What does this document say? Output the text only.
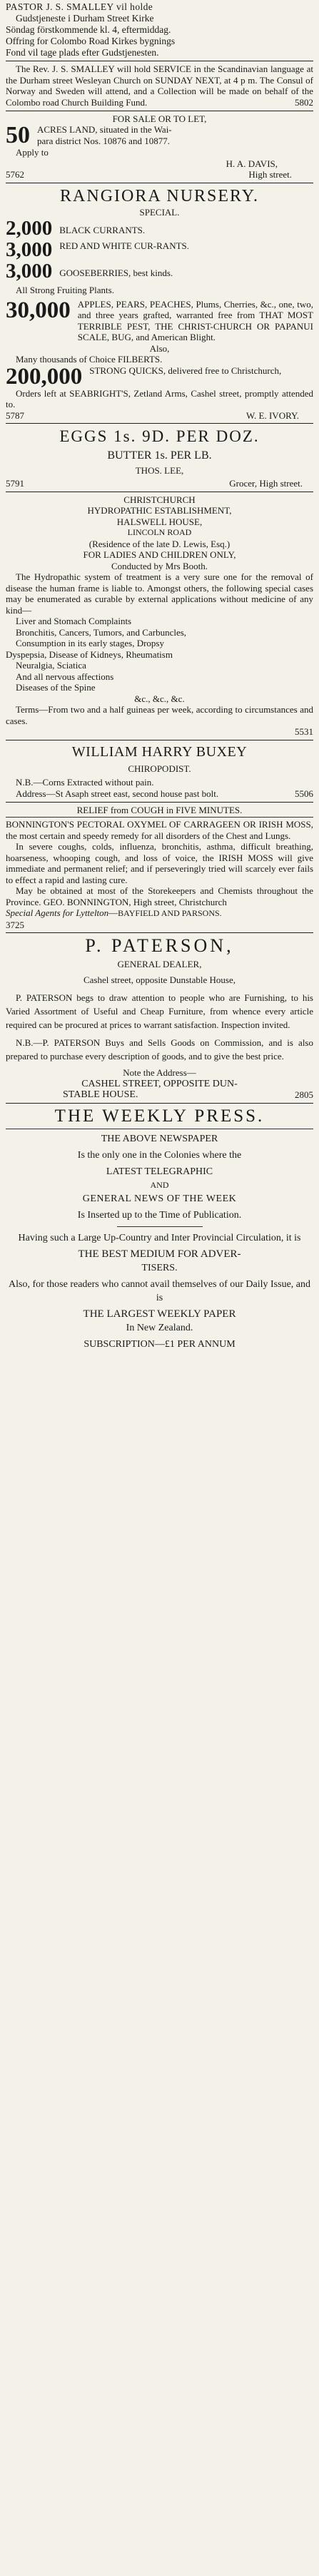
PASTOR J. S. SMALLEY vil holde

Gudstjeneste i Durham Street Kirke

Söndag förstkommende kl. 4, eftermiddag.

Offring for Colombo Road Kirkes bygnings

Fond vil tage plads efter Gudstjenesten.

The Rev. J. S. SMALLEY will hold SERVICE in the Scandinavian language at the Durham street Wesleyan Church on SUNDAY NEXT, at 4 p m. The Consul of Norway and Sweden will attend, and a Collection will be made on behalf of the Colombo road Church Building Fund.	5802

FOR SALE OR TO LET,

50 ACRES LAND, situated in the Wai-

para district Nos. 10876 and 10877.

Apply to

H. A. DAVIS,

5762	High street.

RANGIORA NURSERY.

SPECIAL.

2,000 BLACK CURRANTS.
3,000 RED AND WHITE CUR-RANTS.
3,000 GOOSEBERRIES, best kinds.

All Strong Fruiting Plants.

30,000 APPLES, PEARS, PEACHES, Plums, Cherries, &c., one, two, and three years grafted, warranted free from THAT MOST TERRIBLE PEST, THE CHRIST-CHURCH OR PAPANUI SCALE, BUG, and American Blight.

Also,

Many thousands of Choice FILBERTS.

200,000 STRONG QUICKS, delivered free to Christchurch,

Orders left at SEABRIGHT'S, Zetland Arms, Cashel street, promptly attended to.

5787	W. E. IVORY.

EGGS 1s. 9D. PER DOZ.

BUTTER 1s. PER LB.

THOS. LEE,

5791	Grocer, High street.

CHRISTCHURCH

HYDROPATHIC ESTABLISHMENT,

HALSWELL HOUSE,

LINCOLN ROAD

(Residence of the late D. Lewis, Esq.)

FOR LADIES AND CHILDREN ONLY,

Conducted by Mrs Booth.

The Hydropathic system of treatment is a very sure one for the removal of disease the human frame is liable to. Amongst others, the following special cases may be enumerated as curable by external applications without medicine of any kind—

Liver and Stomach Complaints

Bronchitis, Cancers, Tumors, and Carbuncles,

Consumption in its early stages, Dropsy

Dyspepsia, Disease of Kidneys, Rheumatism

Neuralgia, Sciatica

And all nervous affections

Diseases of the Spine

&c., &c., &c.

Terms—From two and a half guineas per week, according to circumstances and cases.

5531

WILLIAM HARRY BUXEY

CHIROPODIST.

N.B.—Corns Extracted without pain.

Address—St Asaph street east, second house past bolt.	5506

RELIEF from COUGH in FIVE MINUTES.

BONNINGTON'S PECTORAL OXYMEL OF CARRAGEEN OR IRISH MOSS, the most certain and speedy remedy for all disorders of the Chest and Lungs.

In severe coughs, colds, influenza, bronchitis, asthma, difficult breathing, hoarseness, whooping cough, and loss of voice, the IRISH MOSS will give immediate and permanent relief; and if perseveringly tried will scarcely ever fails to effect a rapid and lasting cure.

May be obtained at most of the Storekeepers and Chemists throughout the Province. GEO. BONNINGTON, High street, Christchurch

Special Agents for Lyttelton—BAYFIELD AND PARSONS.

3725

P. PATERSON,

GENERAL DEALER,

Cashel street, opposite Dunstable House,

P. PATERSON begs to draw attention to people who are Furnishing, to his Varied Assortment of Useful and Cheap Furniture, from whence every article required can be procured at prices to warrant satisfaction. Inspection invited.

N.B.—P. PATERSON Buys and Sells Goods on Commission, and is also prepared to purchase every description of goods, and to give the best price.

Note the Address—

CASHEL STREET, OPPOSITE DUN-

STABLE HOUSE.	2805

THE WEEKLY PRESS.

THE ABOVE NEWSPAPER

Is the only one in the Colonies where the

LATEST TELEGRAPHIC

AND

GENERAL NEWS OF THE WEEK

Is Inserted up to the Time of Publication.

Having such a Large Up-Country and Inter Provincial Circulation, it is

THE BEST MEDIUM FOR ADVER-

TISERS.

Also, for those readers who cannot avail themselves of our Daily Issue, and is

THE LARGEST WEEKLY PAPER

In New Zealand.

SUBSCRIPTION—£1 PER ANNUM
